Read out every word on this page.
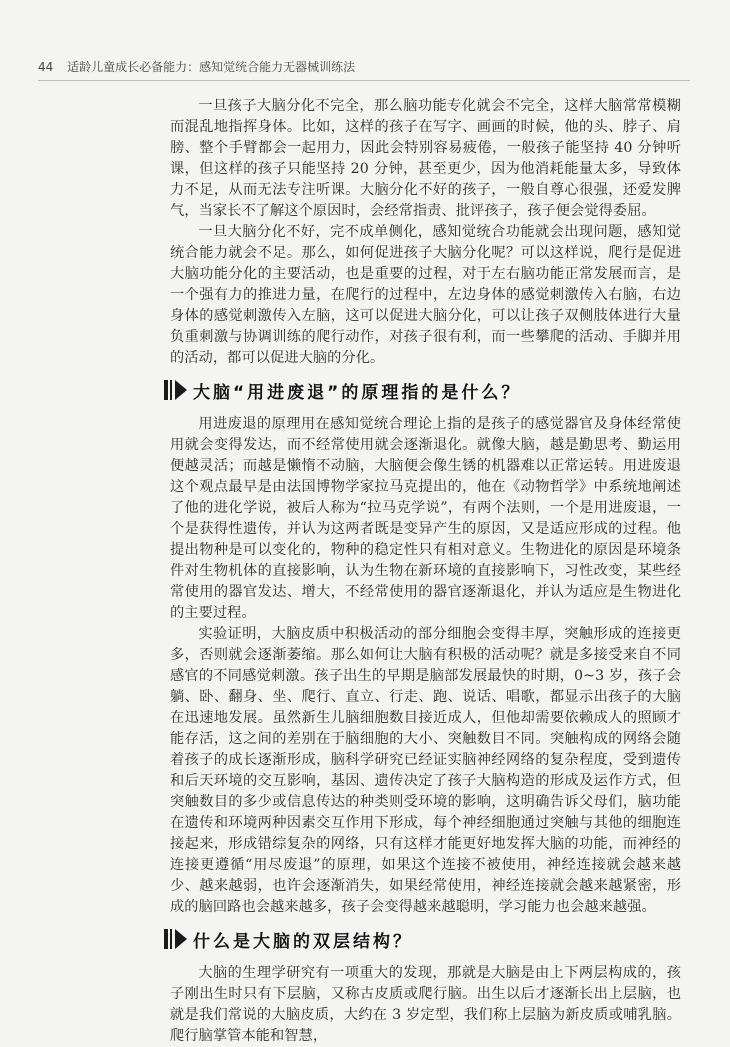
44 适龄儿童成长必备能力：感知觉统合能力无器械训练法

一旦孩子大脑分化不完全，那么脑功能专化就会不完全，这样大脑常常模糊而混乱地指挥身体。比如，这样的孩子在写字、画画的时候，他的头、脖子、肩膀、整个手臂都会一起用力，因此会特别容易疲倦，一般孩子能坚持 40 分钟听课，但这样的孩子只能坚持 20 分钟，甚至更少，因为他消耗能量太多，导致体力不足，从而无法专注听课。大脑分化不好的孩子，一般自尊心很强，还爱发脾气，当家长不了解这个原因时，会经常指责、批评孩子，孩子便会觉得委屈。

一旦大脑分化不好，完不成单侧化，感知觉统合功能就会出现问题，感知觉统合能力就会不足。那么，如何促进孩子大脑分化呢？可以这样说，爬行是促进大脑功能分化的主要活动，也是重要的过程，对于左右脑功能正常发展而言，是一个强有力的推进力量，在爬行的过程中，左边身体的感觉刺激传入右脑，右边身体的感觉刺激传入左脑，这可以促进大脑分化，可以让孩子双侧肢体进行大量负重刺激与协调训练的爬行动作，对孩子很有利，而一些攀爬的活动、手脚并用的活动，都可以促进大脑的分化。

大脑“用进废退”的原理指的是什么？

用进废退的原理用在感知觉统合理论上指的是孩子的感觉器官及身体经常使用就会变得发达，而不经常使用就会逐渐退化。就像大脑，越是勤思考、勤运用便越灵活；而越是懒惰不动脑，大脑便会像生锈的机器难以正常运转。用进废退这个观点最早是由法国博物学家拉马克提出的，他在《动物哲学》中系统地阐述了他的进化学说，被后人称为“拉马克学说”，有两个法则，一个是用进废退，一个是获得性遗传，并认为这两者既是变异产生的原因，又是适应形成的过程。他提出物种是可以变化的，物种的稳定性只有相对意义。生物进化的原因是环境条件对生物机体的直接影响，认为生物在新环境的直接影响下，习性改变，某些经常使用的器官发达、增大，不经常使用的器官逐渐退化，并认为适应是生物进化的主要过程。

实验证明，大脑皮质中积极活动的部分细胞会变得丰厚，突触形成的连接更多，否则就会逐渐萎缩。那么如何让大脑有积极的活动呢？就是多接受来自不同感官的不同感觉刺激。孩子出生的早期是脑部发展最快的时期，0~3 岁，孩子会躺、卧、翻身、坐、爬行、直立、行走、跑、说话、唱歌，都显示出孩子的大脑在迅速地发展。虽然新生儿脑细胞数目接近成人，但他却需要依赖成人的照顾才能存活，这之间的差别在于脑细胞的大小、突触数目不同。突触构成的网络会随着孩子的成长逐渐形成，脑科学研究已经证实脑神经网络的复杂程度，受到遗传和后天环境的交互影响，基因、遗传决定了孩子大脑构造的形成及运作方式，但突触数目的多少或信息传达的种类则受环境的影响，这明确告诉父母们，脑功能在遗传和环境两种因素交互作用下形成，每个神经细胞通过突触与其他的细胞连接起来，形成错综复杂的网络，只有这样才能更好地发挥大脑的功能，而神经的连接更遵循“用尽废退”的原理，如果这个连接不被使用，神经连接就会越来越少、越来越弱，也许会逐渐消失，如果经常使用，神经连接就会越来越紧密，形成的脑回路也会越来越多，孩子会变得越来越聪明，学习能力也会越来越强。

什么是大脑的双层结构？

大脑的生理学研究有一项重大的发现，那就是大脑是由上下两层构成的，孩子刚出生时只有下层脑，又称古皮质或爬行脑。出生以后才逐渐长出上层脑，也就是我们常说的大脑皮质，大约在 3 岁定型，我们称上层脑为新皮质或哺乳脑。爬行脑掌管本能和智慧，
